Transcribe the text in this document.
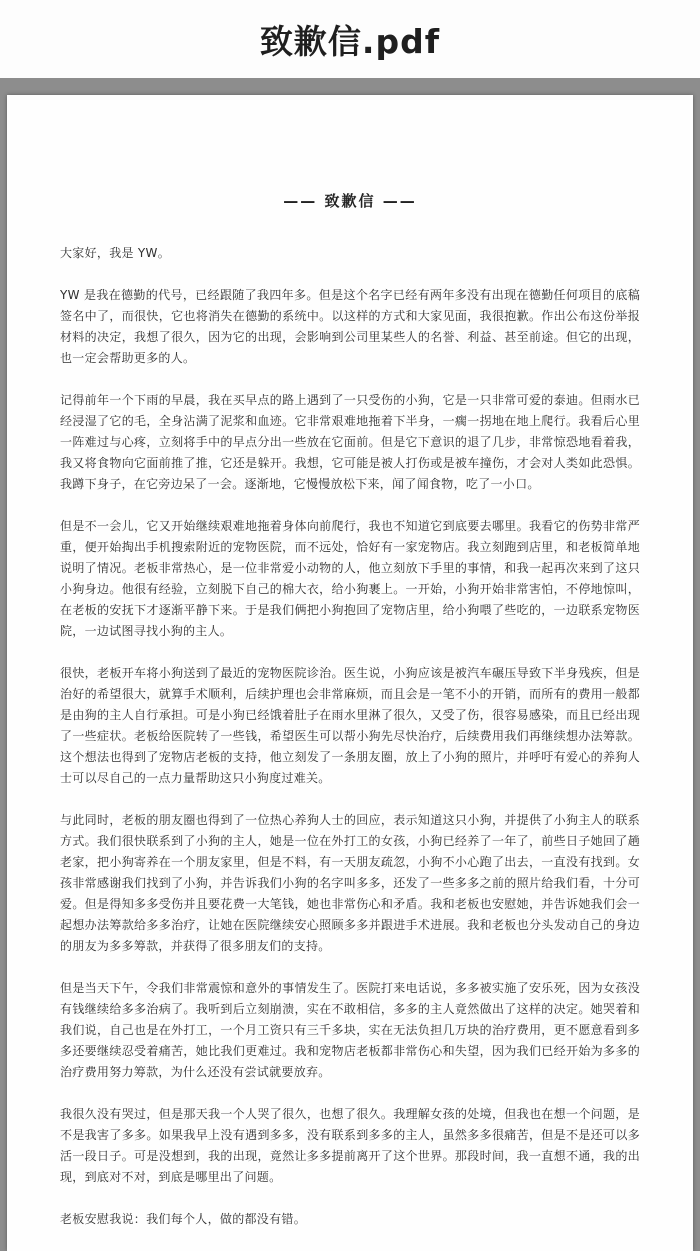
致歉信.pdf
—— 致歉信 ——

大家好，我是 YW。

YW 是我在德勤的代号，已经跟随了我四年多。但是这个名字已经有两年多没有出现在德勤任何项目的底稿签名中了，而很快，它也将消失在德勤的系统中。以这样的方式和大家见面，我很抱歉。作出公布这份举报材料的决定，我想了很久，因为它的出现，会影响到公司里某些人的名誉、利益、甚至前途。但它的出现，也一定会帮助更多的人。

记得前年一个下雨的早晨，我在买早点的路上遇到了一只受伤的小狗，它是一只非常可爱的泰迪。但雨水已经浸湿了它的毛，全身沾满了泥浆和血迹。它非常艰难地拖着下半身，一瘸一拐地在地上爬行。我看后心里一阵难过与心疼，立刻将手中的早点分出一些放在它面前。但是它下意识的退了几步，非常惊恐地看着我，我又将食物向它面前推了推，它还是躲开。我想，它可能是被人打伤或是被车撞伤，才会对人类如此恐惧。我蹲下身子，在它旁边呆了一会。逐渐地，它慢慢放松下来，闻了闻食物，吃了一小口。

但是不一会儿，它又开始继续艰难地拖着身体向前爬行，我也不知道它到底要去哪里。我看它的伤势非常严重，便开始掏出手机搜索附近的宠物医院，而不远处，恰好有一家宠物店。我立刻跑到店里，和老板简单地说明了情况。老板非常热心，是一位非常爱小动物的人，他立刻放下手里的事情，和我一起再次来到了这只小狗身边。他很有经验，立刻脱下自己的棉大衣，给小狗裹上。一开始，小狗开始非常害怕，不停地惊叫，在老板的安抚下才逐渐平静下来。于是我们俩把小狗抱回了宠物店里，给小狗喂了些吃的，一边联系宠物医院，一边试图寻找小狗的主人。

很快，老板开车将小狗送到了最近的宠物医院诊治。医生说，小狗应该是被汽车碾压导致下半身残疾，但是治好的希望很大，就算手术顺利，后续护理也会非常麻烦，而且会是一笔不小的开销，而所有的费用一般都是由狗的主人自行承担。可是小狗已经饿着肚子在雨水里淋了很久，又受了伤，很容易感染，而且已经出现了一些症状。老板给医院转了一些钱，希望医生可以帮小狗先尽快治疗，后续费用我们再继续想办法筹款。这个想法也得到了宠物店老板的支持，他立刻发了一条朋友圈，放上了小狗的照片，并呼吁有爱心的养狗人士可以尽自己的一点力量帮助这只小狗度过难关。

与此同时，老板的朋友圈也得到了一位热心养狗人士的回应，表示知道这只小狗，并提供了小狗主人的联系方式。我们很快联系到了小狗的主人，她是一位在外打工的女孩，小狗已经养了一年了，前些日子她回了趟老家，把小狗寄养在一个朋友家里，但是不料，有一天朋友疏忽，小狗不小心跑了出去，一直没有找到。女孩非常感谢我们找到了小狗，并告诉我们小狗的名字叫多多，还发了一些多多之前的照片给我们看，十分可爱。但是得知多多受伤并且要花费一大笔钱，她也非常伤心和矛盾。我和老板也安慰她，并告诉她我们会一起想办法筹款给多多治疗，让她在医院继续安心照顾多多并跟进手术进展。我和老板也分头发动自己的身边的朋友为多多筹款，并获得了很多朋友们的支持。

但是当天下午，令我们非常震惊和意外的事情发生了。医院打来电话说，多多被实施了安乐死，因为女孩没有钱继续给多多治病了。我听到后立刻崩溃，实在不敢相信，多多的主人竟然做出了这样的决定。她哭着和我们说，自己也是在外打工，一个月工资只有三千多块，实在无法负担几万块的治疗费用，更不愿意看到多多还要继续忍受着痛苦，她比我们更难过。我和宠物店老板都非常伤心和失望，因为我们已经开始为多多的治疗费用努力筹款，为什么还没有尝试就要放弃。

我很久没有哭过，但是那天我一个人哭了很久，也想了很久。我理解女孩的处境，但我也在想一个问题，是不是我害了多多。如果我早上没有遇到多多，没有联系到多多的主人，虽然多多很痛苦，但是不是还可以多活一段日子。可是没想到，我的出现，竟然让多多提前离开了这个世界。那段时间，我一直想不通，我的出现，到底对不对，到底是哪里出了问题。

老板安慰我说：我们每个人，做的都没有错。
